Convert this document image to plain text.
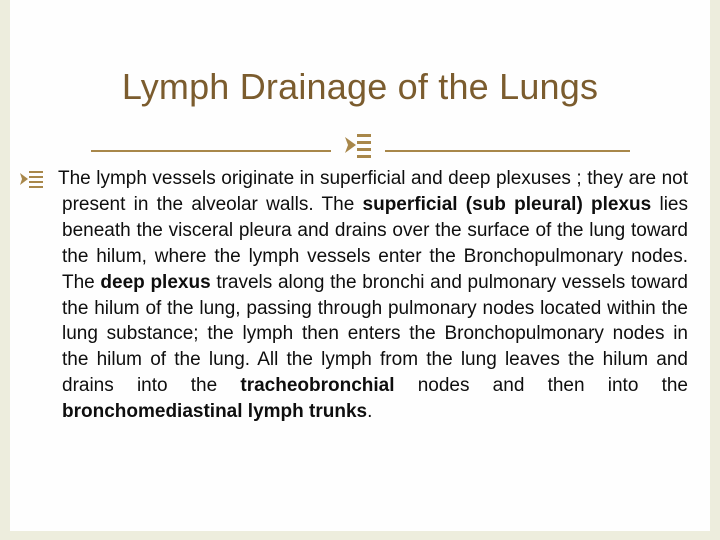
Lymph Drainage of the Lungs
The lymph vessels originate in superficial and deep plexuses ; they are not present in the alveolar walls. The superficial (sub pleural) plexus lies beneath the visceral pleura and drains over the surface of the lung toward the hilum, where the lymph vessels enter the Bronchopulmonary nodes. The deep plexus travels along the bronchi and pulmonary vessels toward the hilum of the lung, passing through pulmonary nodes located within the lung substance; the lymph then enters the Bronchopulmonary nodes in the hilum of the lung. All the lymph from the lung leaves the hilum and drains into the tracheobronchial nodes and then into the bronchomediastinal lymph trunks.
